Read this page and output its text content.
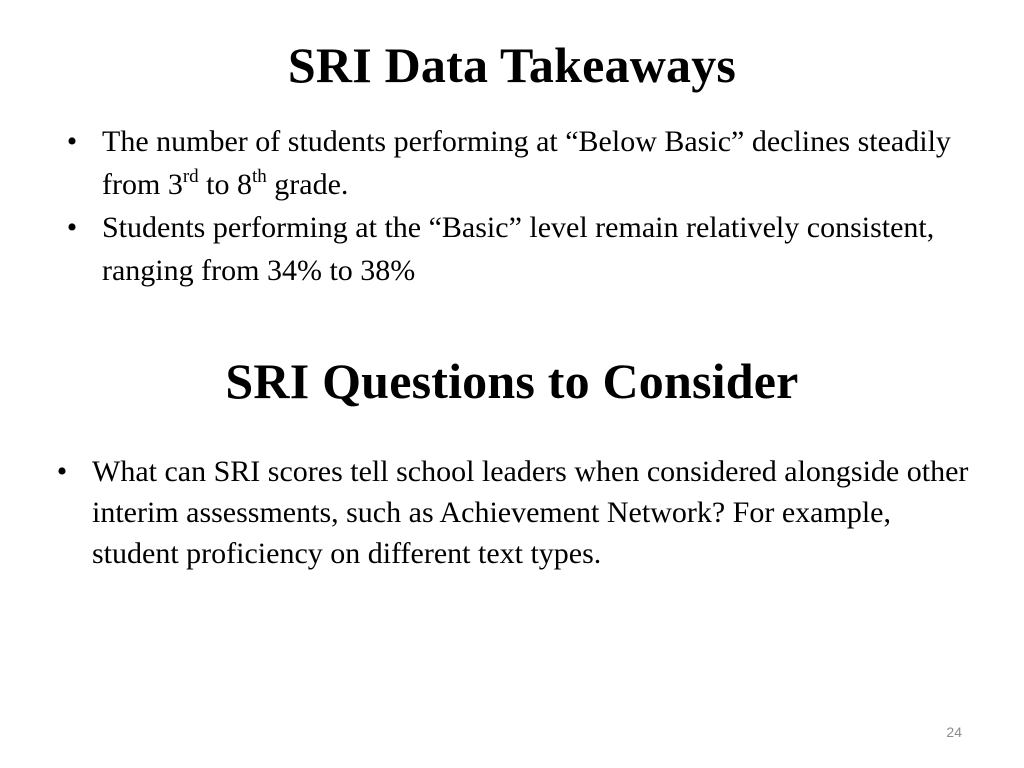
SRI Data Takeaways
• The number of students performing at “Below Basic” declines steadily from 3rd to 8th grade.
• Students performing at the “Basic” level remain relatively consistent, ranging from 34% to 38%
SRI Questions to Consider
• What can SRI scores tell school leaders when considered alongside other interim assessments, such as Achievement Network? For example, student proficiency on different text types.
24
